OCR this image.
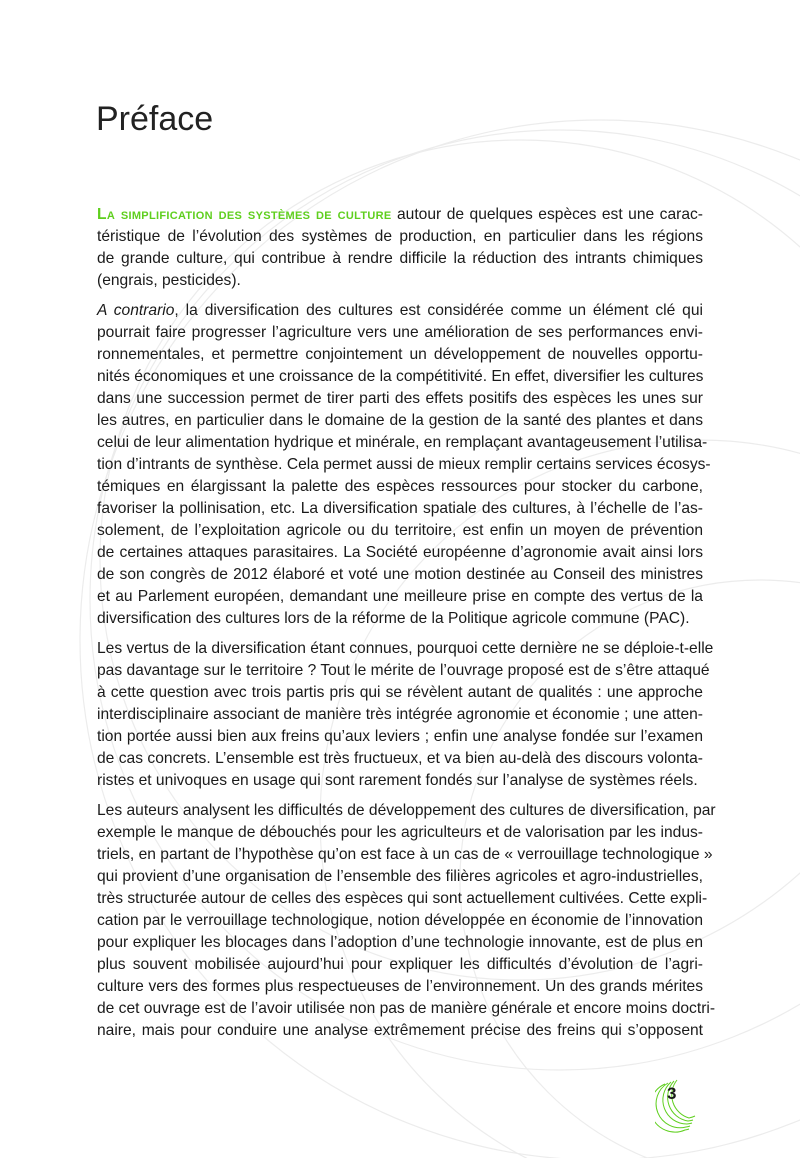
Préface
La simplification des systèmes de culture autour de quelques espèces est une carac-
téristique de l’évolution des systèmes de production, en particulier dans les régions
de grande culture, qui contribue à rendre difficile la réduction des intrants chimiques
(engrais, pesticides).
A contrario, la diversification des cultures est considérée comme un élément clé qui
pourrait faire progresser l’agriculture vers une amélioration de ses performances envi-
ronnementales, et permettre conjointement un développement de nouvelles opportu-
nités économiques et une croissance de la compétitivité. En effet, diversifier les cultures
dans une succession permet de tirer parti des effets positifs des espèces les unes sur
les autres, en particulier dans le domaine de la gestion de la santé des plantes et dans
celui de leur alimentation hydrique et minérale, en remplaçant avantageusement l’utilisa-
tion d’intrants de synthèse. Cela permet aussi de mieux remplir certains services écosys-
témiques en élargissant la palette des espèces ressources pour stocker du carbone,
favoriser la pollinisation, etc. La diversification spatiale des cultures, à l’échelle de l’as-
solement, de l’exploitation agricole ou du territoire, est enfin un moyen de prévention
de certaines attaques parasitaires. La Société européenne d’agronomie avait ainsi lors
de son congrès de 2012 élaboré et voté une motion destinée au Conseil des ministres
et au Parlement européen, demandant une meilleure prise en compte des vertus de la
diversification des cultures lors de la réforme de la Politique agricole commune (PAC).
Les vertus de la diversification étant connues, pourquoi cette dernière ne se déploie-t-elle
pas davantage sur le territoire ? Tout le mérite de l’ouvrage proposé est de s’être attaqué
à cette question avec trois partis pris qui se révèlent autant de qualités : une approche
interdisciplinaire associant de manière très intégrée agronomie et économie ; une atten-
tion portée aussi bien aux freins qu’aux leviers ; enfin une analyse fondée sur l’examen
de cas concrets. L’ensemble est très fructueux, et va bien au-delà des discours volonta-
ristes et univoques en usage qui sont rarement fondés sur l’analyse de systèmes réels.
Les auteurs analysent les difficultés de développement des cultures de diversification, par
exemple le manque de débouchés pour les agriculteurs et de valorisation par les indus-
triels, en partant de l’hypothèse qu’on est face à un cas de « verrouillage technologique »
qui provient d’une organisation de l’ensemble des filières agricoles et agro-industrielles,
très structurée autour de celles des espèces qui sont actuellement cultivées. Cette expli-
cation par le verrouillage technologique, notion développée en économie de l’innovation
pour expliquer les blocages dans l’adoption d’une technologie innovante, est de plus en
plus souvent mobilisée aujourd’hui pour expliquer les difficultés d’évolution de l’agri-
culture vers des formes plus respectueuses de l’environnement. Un des grands mérites
de cet ouvrage est de l’avoir utilisée non pas de manière générale et encore moins doctri-
naire, mais pour conduire une analyse extrêmement précise des freins qui s’opposent
3
